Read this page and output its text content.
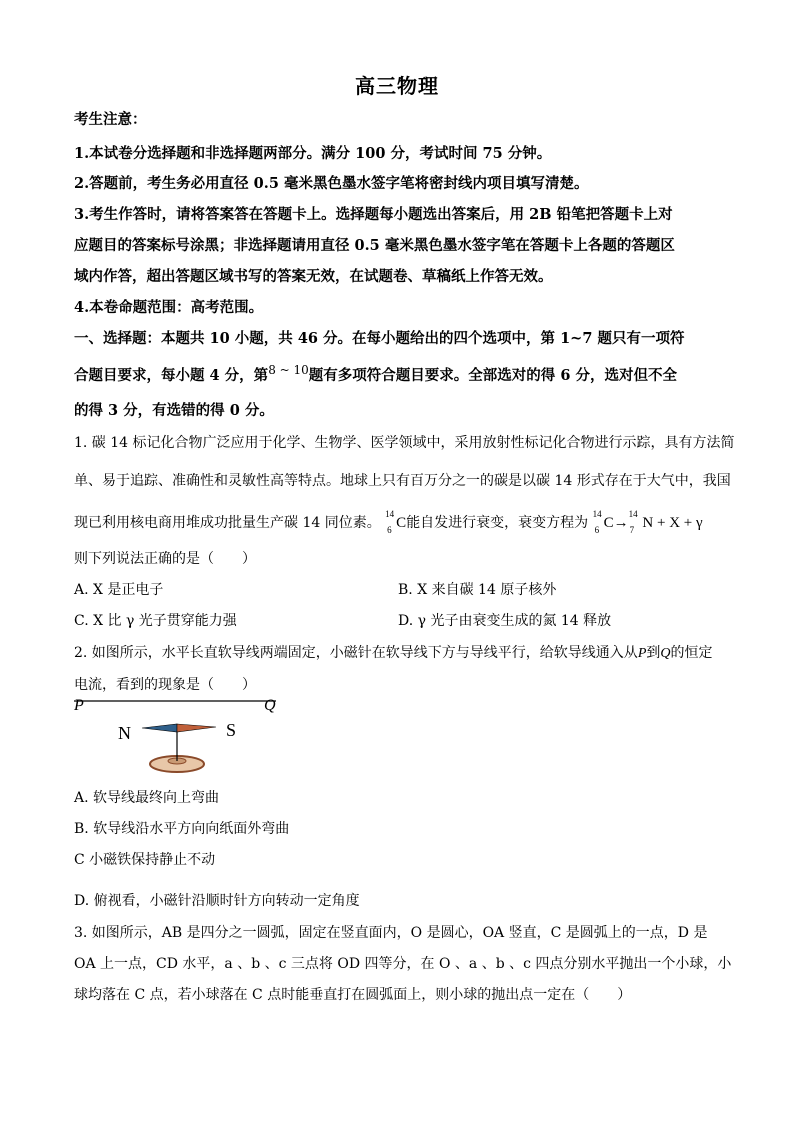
高三物理
考生注意：
1.本试卷分选择题和非选择题两部分。满分 100 分，考试时间 75 分钟。
2.答题前，考生务必用直径 0.5 毫米黑色墨水签字笔将密封线内项目填写清楚。
3.考生作答时，请将答案答在答题卡上。选择题每小题选出答案后，用 2B 铅笔把答题卡上对
应题目的答案标号涂黑；非选择题请用直径 0.5 毫米黑色墨水签字笔在答题卡上各题的答题区
域内作答，超出答题区域书写的答案无效，在试题卷、草稿纸上作答无效。
4.本卷命题范围：高考范围。
一、选择题：本题共 10 小题，共 46 分。在每小题给出的四个选项中，第 1~7 题只有一项符
合题目要求，每小题 4 分，第$^{8 \sim 10}$题有多项符合题目要求。全部选对的得 6 分，选对但不全
的得 3 分，有选错的得 0 分。
1. 碳 14 标记化合物广泛应用于化学、生物学、医学领域中，采用放射性标记化合物进行示踪，具有方法简
单、易于追踪、准确性和灵敏性高等特点。地球上只有百万分之一的碳是以碳 14 形式存在于大气中，我国
现已利用核电商用堆成功批量生产碳 14 同位素。
14
6 C能自发进行衰变，衰变方程为
14
6 C→
14
7 N + X + γ
则下列说法正确的是（　　）
A. X 是正电子	B. X 来自碳 14 原子核外
C. X 比 γ 光子贯穿能力强	D. γ 光子由衰变生成的氮 14 释放
2. 如图所示，水平长直软导线两端固定，小磁针在软导线下方与导线平行，给软导线通入从P到Q的恒定
电流，看到的现象是（　　）
P	Q
N	S
A. 软导线最终向上弯曲
B. 软导线沿水平方向向纸面外弯曲
C 小磁铁保持静止不动
D. 俯视看，小磁针沿顺时针方向转动一定角度
3. 如图所示，AB 是四分之一圆弧，固定在竖直面内，O 是圆心，OA 竖直，C 是圆弧上的一点，D 是
OA 上一点，CD 水平，a 、b 、c 三点将 OD 四等分，在 O 、a 、b 、c 四点分别水平抛出一个小球，小
球均落在 C 点，若小球落在 C 点时能垂直打在圆弧面上，则小球的抛出点一定在（　　）
